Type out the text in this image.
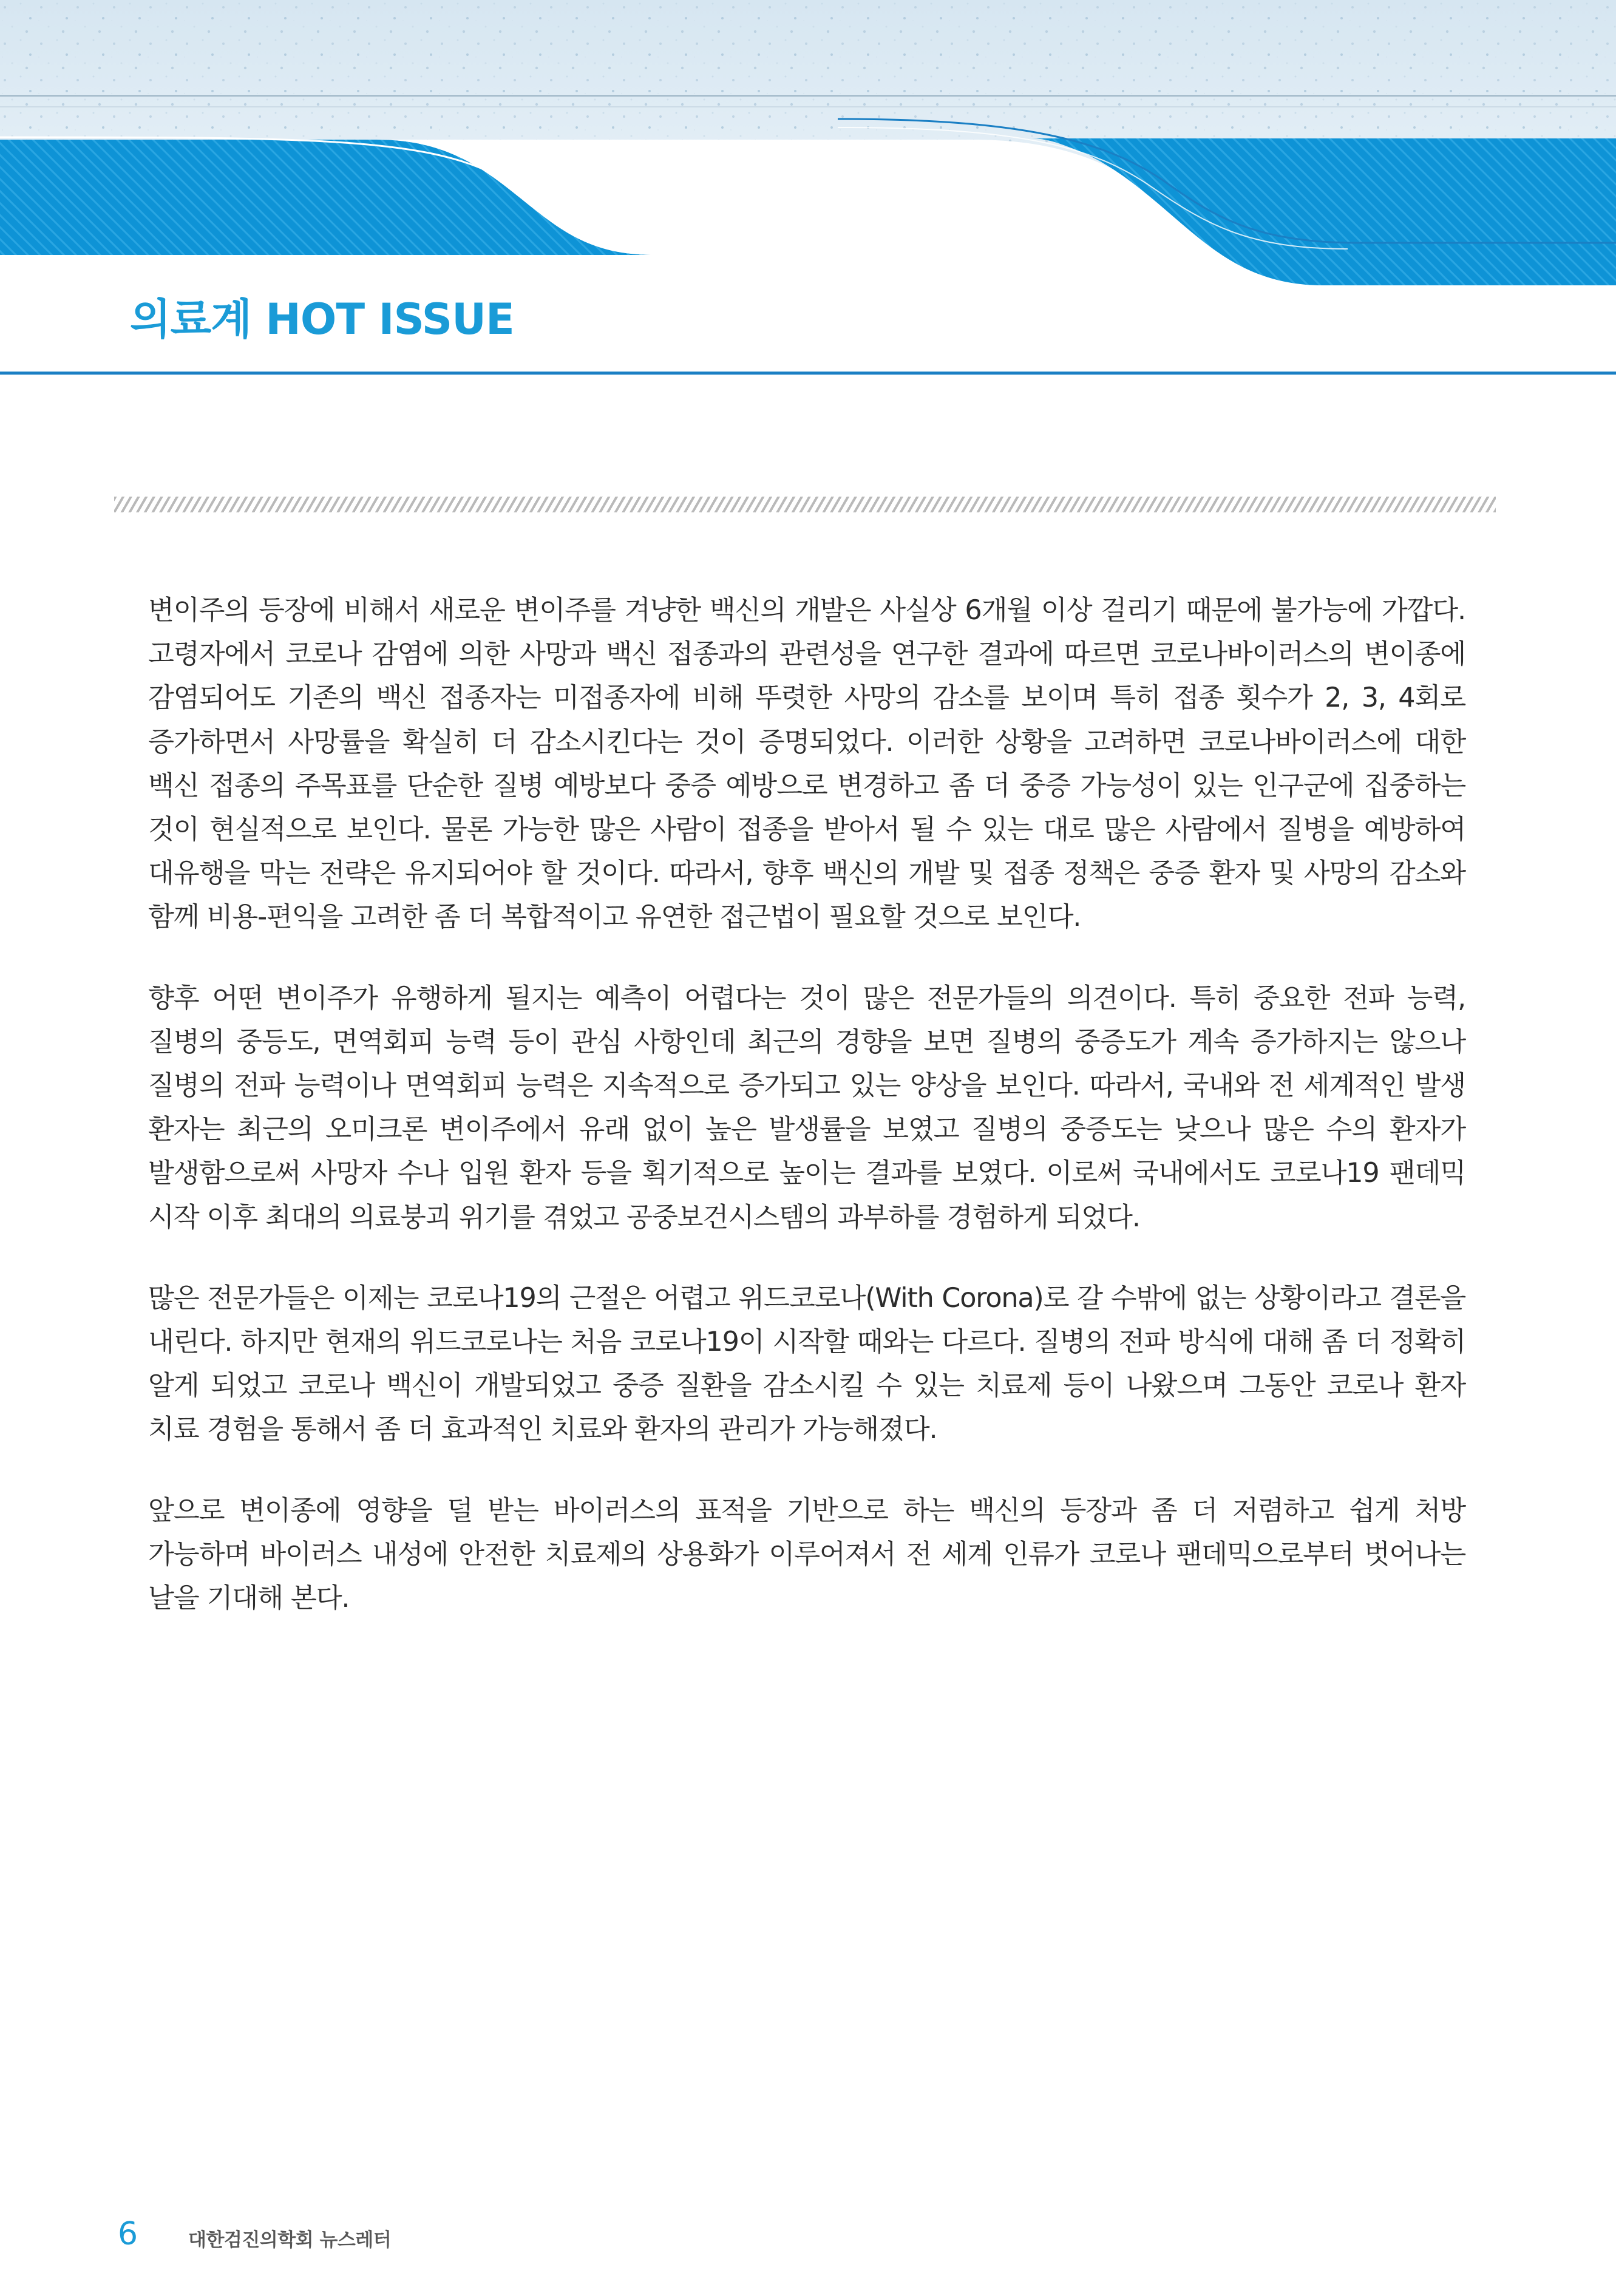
의료계 HOT ISSUE

변이주의 등장에 비해서 새로운 변이주를 겨냥한 백신의 개발은 사실상 6개월 이상 걸리기 때문에 불가능에 가깝다. 고령자에서 코로나 감염에 의한 사망과 백신 접종과의 관련성을 연구한 결과에 따르면 코로나바이러스의 변이종에 감염되어도 기존의 백신 접종자는 미접종자에 비해 뚜렷한 사망의 감소를 보이며 특히 접종 횟수가 2, 3, 4회로 증가하면서 사망률을 확실히 더 감소시킨다는 것이 증명되었다. 이러한 상황을 고려하면 코로나바이러스에 대한 백신 접종의 주목표를 단순한 질병 예방보다 중증 예방으로 변경하고 좀 더 중증 가능성이 있는 인구군에 집중하는 것이 현실적으로 보인다. 물론 가능한 많은 사람이 접종을 받아서 될 수 있는 대로 많은 사람에서 질병을 예방하여 대유행을 막는 전략은 유지되어야 할 것이다. 따라서, 향후 백신의 개발 및 접종 정책은 중증 환자 및 사망의 감소와 함께 비용-편익을 고려한 좀 더 복합적이고 유연한 접근법이 필요할 것으로 보인다.

향후 어떤 변이주가 유행하게 될지는 예측이 어렵다는 것이 많은 전문가들의 의견이다. 특히 중요한 전파 능력, 질병의 중등도, 면역회피 능력 등이 관심 사항인데 최근의 경향을 보면 질병의 중증도가 계속 증가하지는 않으나 질병의 전파 능력이나 면역회피 능력은 지속적으로 증가되고 있는 양상을 보인다. 따라서, 국내와 전 세계적인 발생 환자는 최근의 오미크론 변이주에서 유래 없이 높은 발생률을 보였고 질병의 중증도는 낮으나 많은 수의 환자가 발생함으로써 사망자 수나 입원 환자 등을 획기적으로 높이는 결과를 보였다. 이로써 국내에서도 코로나19 팬데믹 시작 이후 최대의 의료붕괴 위기를 겪었고 공중보건시스템의 과부하를 경험하게 되었다.

많은 전문가들은 이제는 코로나19의 근절은 어렵고 위드코로나(With Corona)로 갈 수밖에 없는 상황이라고 결론을 내린다. 하지만 현재의 위드코로나는 처음 코로나19이 시작할 때와는 다르다. 질병의 전파 방식에 대해 좀 더 정확히 알게 되었고 코로나 백신이 개발되었고 중증 질환을 감소시킬 수 있는 치료제 등이 나왔으며 그동안 코로나 환자 치료 경험을 통해서 좀 더 효과적인 치료와 환자의 관리가 가능해졌다.

앞으로 변이종에 영향을 덜 받는 바이러스의 표적을 기반으로 하는 백신의 등장과 좀 더 저렴하고 쉽게 처방 가능하며 바이러스 내성에 안전한 치료제의 상용화가 이루어져서 전 세계 인류가 코로나 팬데믹으로부터 벗어나는 날을 기대해 본다.

6	대한검진의학회 뉴스레터
